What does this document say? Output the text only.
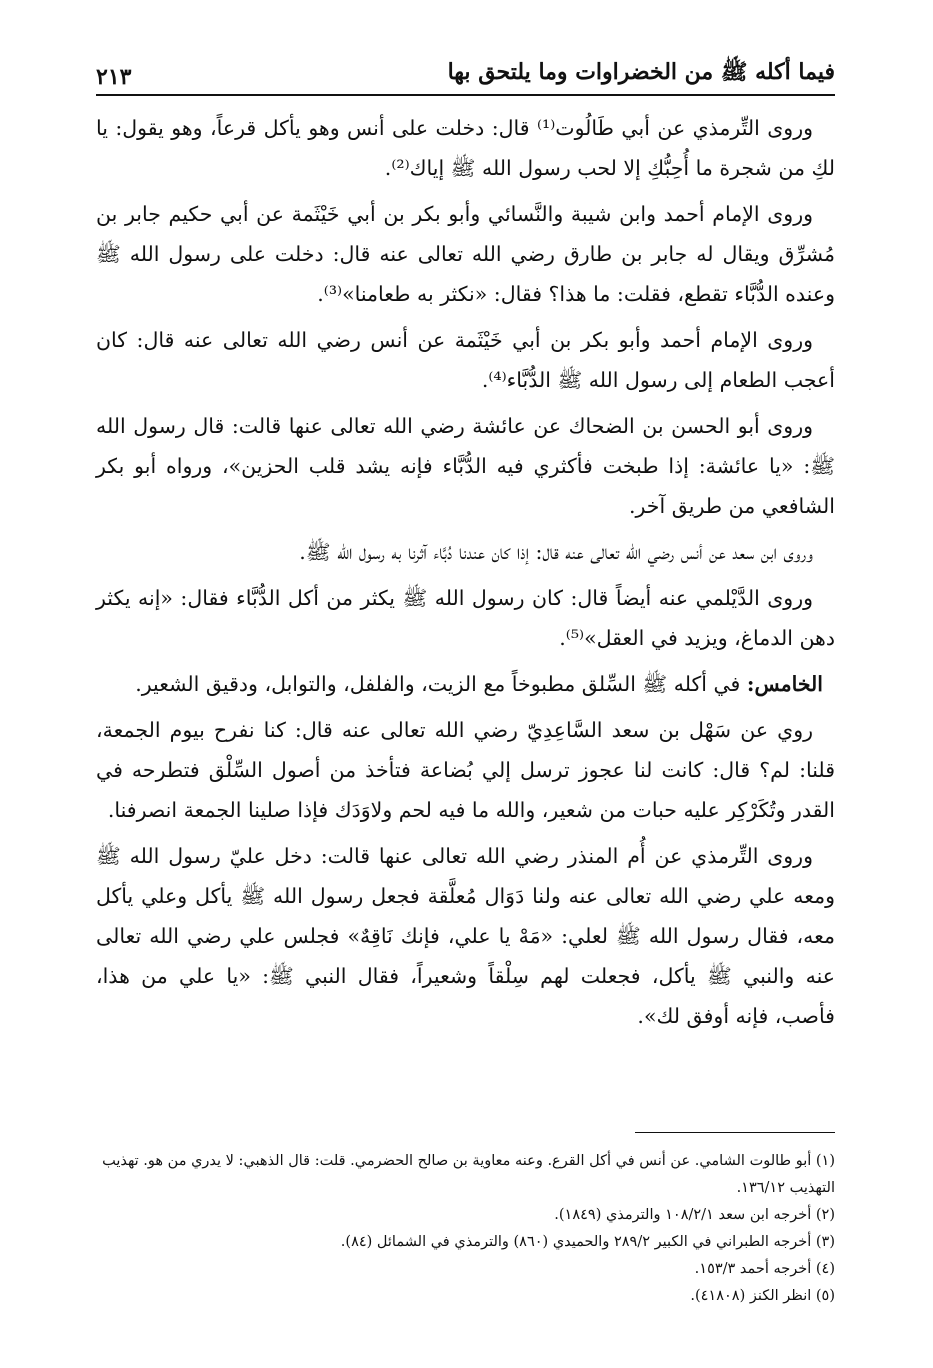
فيما أكله ﷺ من الخضراوات وما يلتحق بها
٢١٣

وروى التِّرمذي عن أبي طَالُوت⁽¹⁾ قال: دخلت على أنس وهو يأكل قرعاً، وهو يقول: يا لكِ من شجرة ما أُحِبُّكِ إلا لحب رسول الله ﷺ إياك⁽²⁾.

وروى الإمام أحمد وابن شيبة والنَّسائي وأبو بكر بن أبي خَيْثَمة عن أبي حكيم جابر بن مُشرِّق ويقال له جابر بن طارق رضي الله تعالى عنه قال: دخلت على رسول الله ﷺ وعنده الدُّبَّاء تقطع، فقلت: ما هذا؟ فقال: «نكثر به طعامنا»⁽³⁾.

وروى الإمام أحمد وأبو بكر بن أبي خَيْثَمة عن أنس رضي الله تعالى عنه قال: كان أعجب الطعام إلى رسول الله ﷺ الدُّبَّاء⁽⁴⁾.

وروى أبو الحسن بن الضحاك عن عائشة رضي الله تعالى عنها قالت: قال رسول الله ﷺ: «يا عائشة: إذا طبخت فأكثري فيه الدُّبَّاء فإنه يشد قلب الحزين»، ورواه أبو بكر الشافعي من طريق آخر.

وروى ابن سعد عن أنس رضي الله تعالى عنه قال: إذا كان عندنا دُبَّاء آثرنا به رسول الله ﷺ.

وروى الدَّيْلمي عنه أيضاً قال: كان رسول الله ﷺ يكثر من أكل الدُّبَّاء فقال: «إنه يكثر دهن الدماغ، ويزيد في العقل»⁽⁵⁾.

الخامس: في أكله ﷺ السِّلق مطبوخاً مع الزيت، والفلفل، والتوابل، ودقيق الشعير.

روي عن سَهْل بن سعد السَّاعِدِيّ رضي الله تعالى عنه قال: كنا نفرح بيوم الجمعة، قلنا: لم؟ قال: كانت لنا عجوز ترسل إلي بُضاعة فتأخذ من أصول السِّلْق فتطرحه في القدر وتُكَرْكِر عليه حبات من شعير، والله ما فيه لحم ولاوَدَك فإذا صلينا الجمعة انصرفنا.

وروى التِّرمذي عن أُم المنذر رضي الله تعالى عنها قالت: دخل عليّ رسول الله ﷺ ومعه علي رضي الله تعالى عنه ولنا دَوَال مُعلَّقة فجعل رسول الله ﷺ يأكل وعلي يأكل معه، فقال رسول الله ﷺ لعلي: «مَهْ يا علي، فإنك نَاقِهٌ» فجلس علي رضي الله تعالى عنه والنبي ﷺ يأكل، فجعلت لهم سِلْقاً وشعيراً، فقال النبي ﷺ: «يا علي من هذا، فأصب، فإنه أوفق لك».

(١) أبو طالوت الشامي. عن أنس في أكل القرع. وعنه معاوية بن صالح الحضرمي. قلت: قال الذهبي: لا يدري من هو. تهذيب التهذيب ١٣٦/١٢.

(٢) أخرجه ابن سعد ١٠٨/٢/١ والترمذي (١٨٤٩).

(٣) أخرجه الطبراني في الكبير ٢٨٩/٢ والحميدي (٨٦٠) والترمذي في الشمائل (٨٤).

(٤) أخرجه أحمد ١٥٣/٣.

(٥) انظر الكنز (٤١٨٠٨).
